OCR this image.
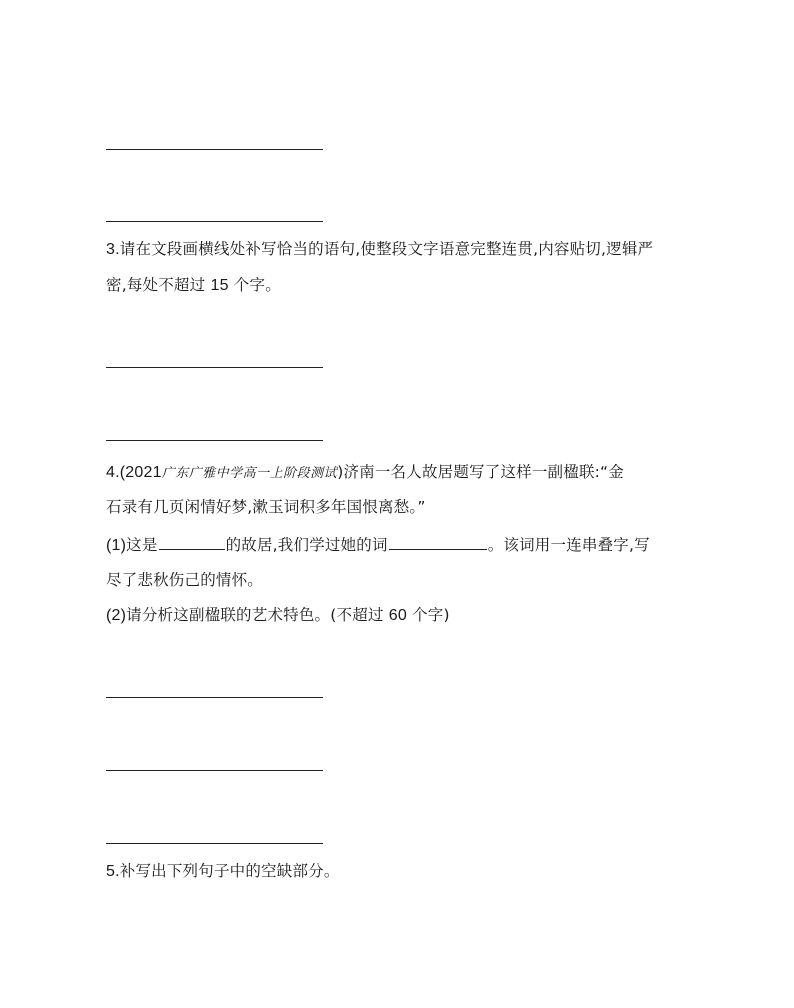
3.请在文段画横线处补写恰当的语句,使整段文字语意完整连贯,内容贴切,逻辑严
密,每处不超过 15 个字。
4.(2021广东广雅中学高一上阶段测试)济南一名人故居题写了这样一副楹联:“金
石录有几页闲情好梦,漱玉词积多年国恨离愁。”
(1)这是	的故居,我们学过她的词	。该词用一连串叠字,写
尽了悲秋伤己的情怀。
(2)请分析这副楹联的艺术特色。(不超过 60 个字)
5.补写出下列句子中的空缺部分。
